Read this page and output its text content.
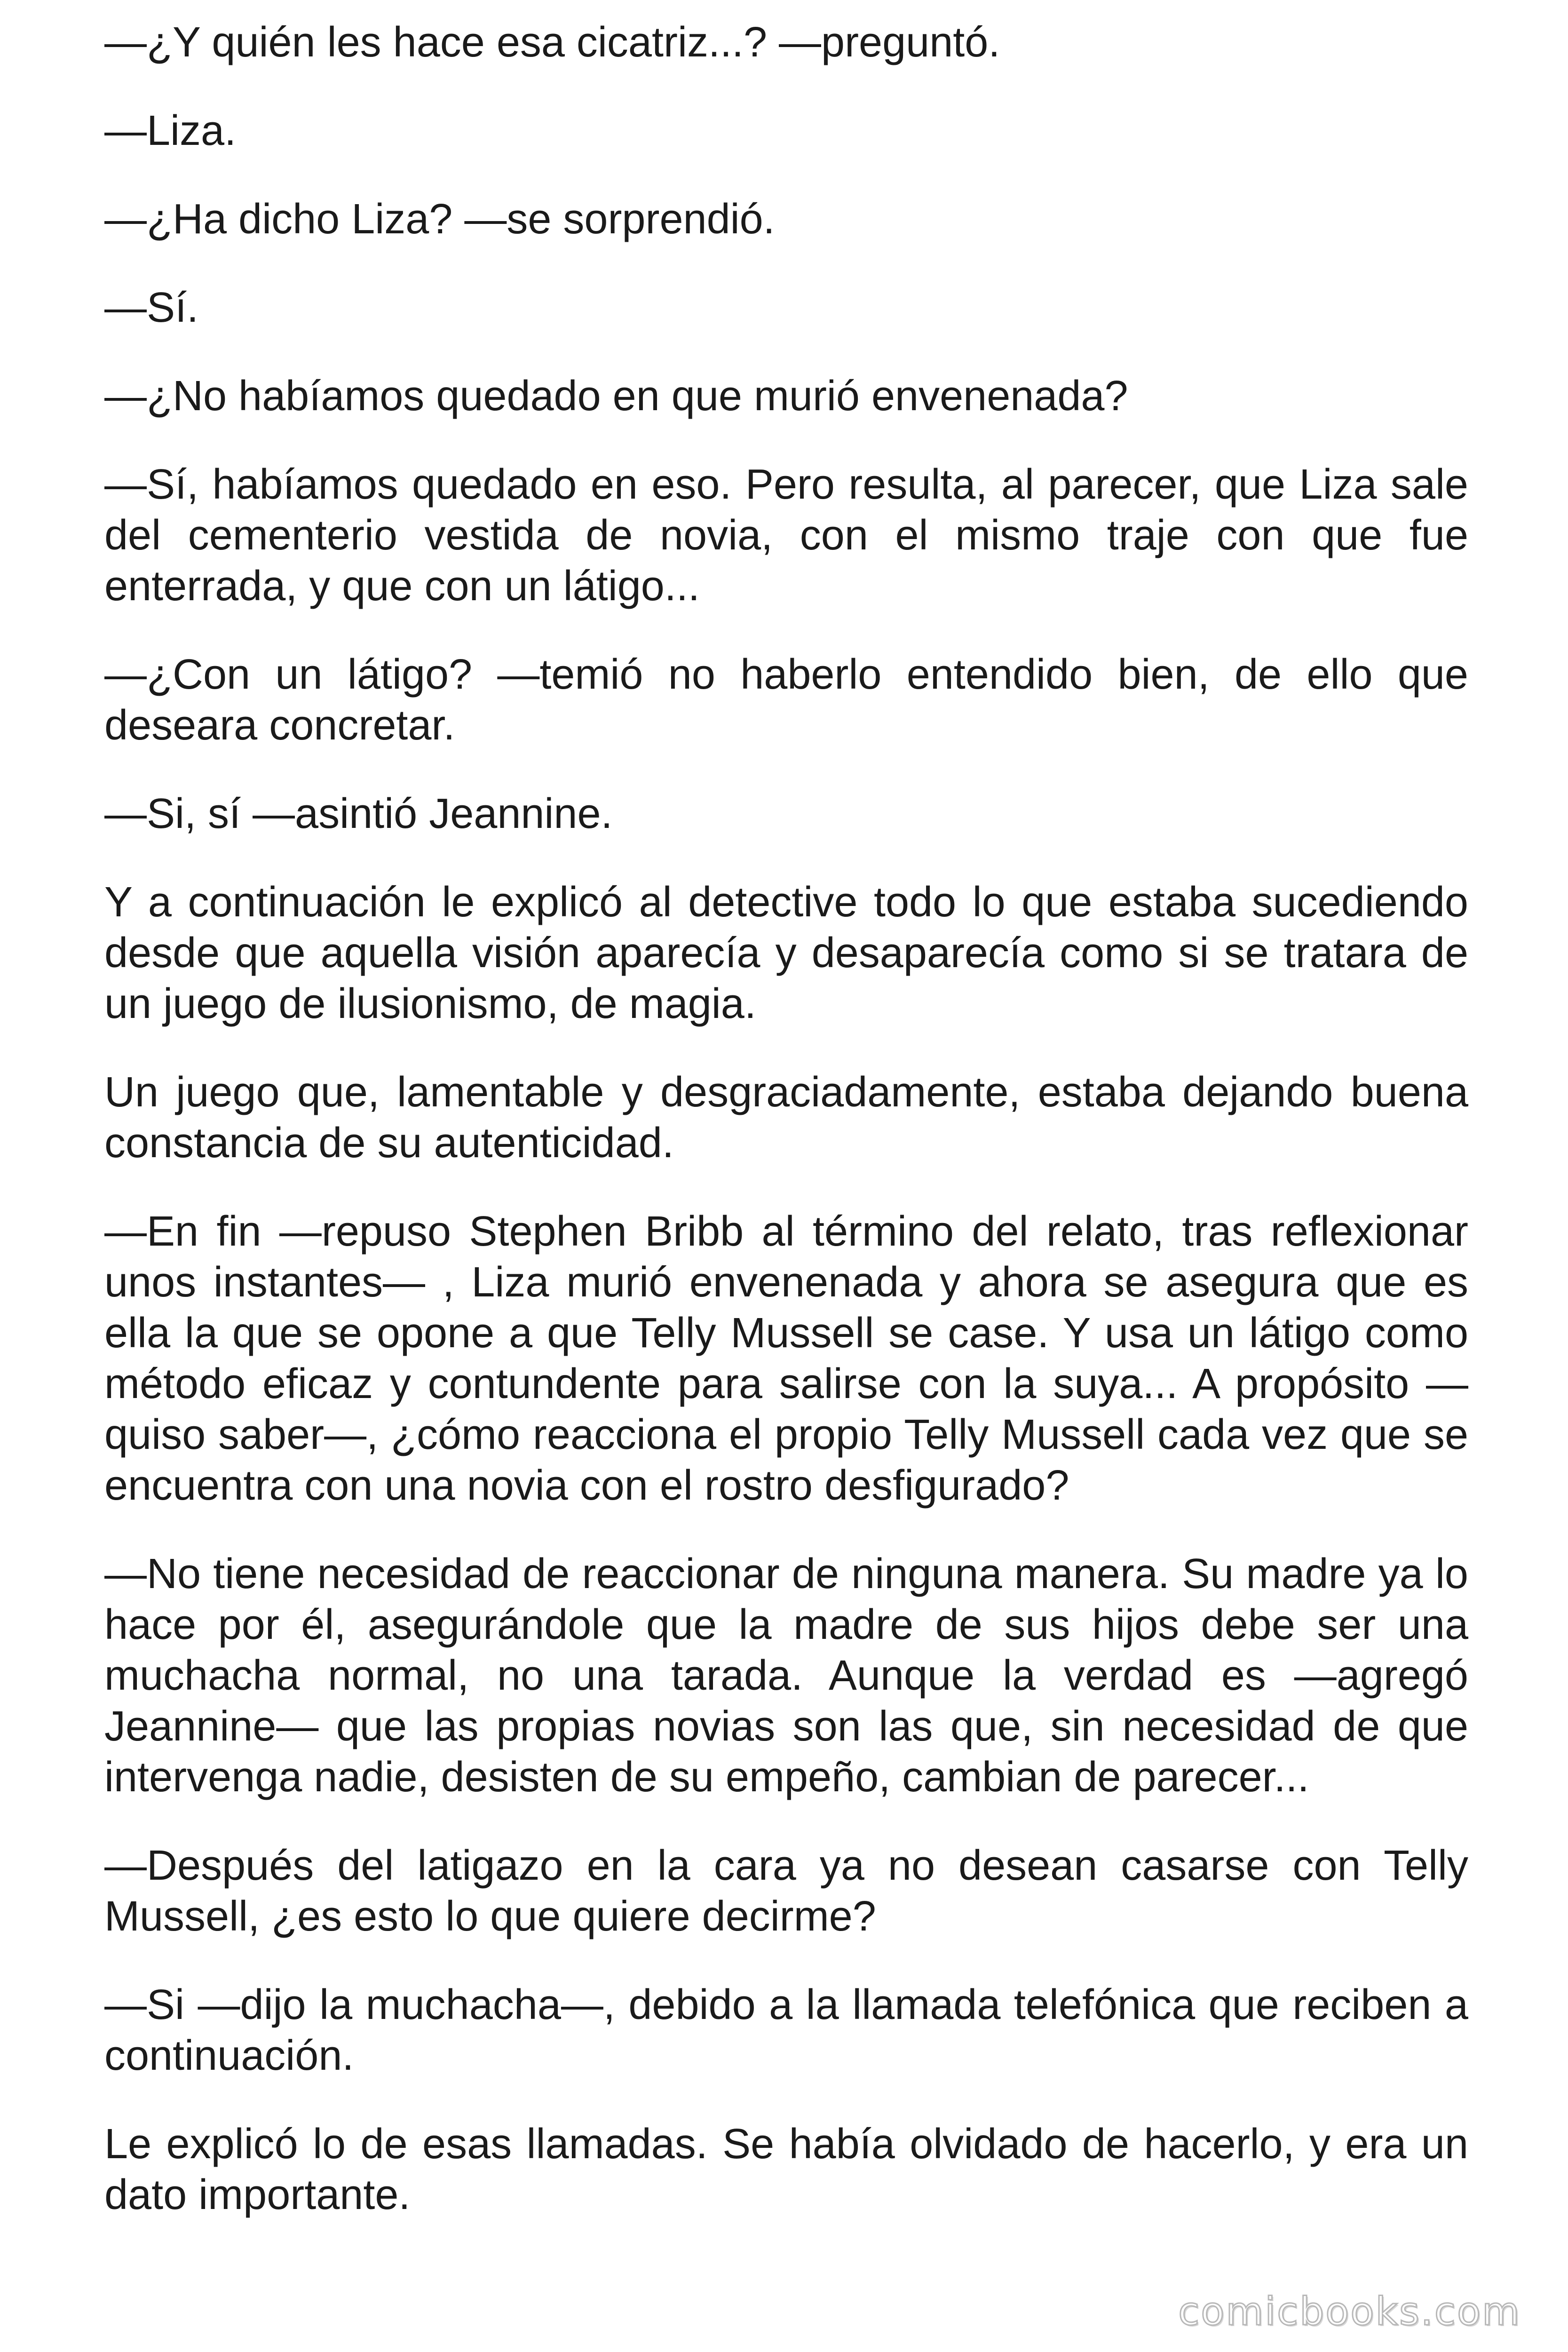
—¿Y quién les hace esa cicatriz...? —preguntó.

—Liza.

—¿Ha dicho Liza? —se sorprendió.

—Sí.

—¿No habíamos quedado en que murió envenenada?

—Sí, habíamos quedado en eso. Pero resulta, al parecer, que Liza sale del cementerio vestida de novia, con el mismo traje con que fue enterrada, y que con un látigo...

—¿Con un látigo? —temió no haberlo entendido bien, de ello que deseara concretar.

—Si, sí —asintió Jeannine.

Y a continuación le explicó al detective todo lo que estaba sucediendo desde que aquella visión aparecía y desaparecía como si se tratara de un juego de ilusionismo, de magia.

Un juego que, lamentable y desgraciadamente, estaba dejando buena constancia de su autenticidad.

—En fin —repuso Stephen Bribb al término del relato, tras reflexionar unos instantes— , Liza murió envenenada y ahora se asegura que es ella la que se opone a que Telly Mussell se case. Y usa un látigo como método eficaz y contundente para salirse con la suya... A propósito —quiso saber—, ¿cómo reacciona el propio Telly Mussell cada vez que se encuentra con una novia con el rostro desfigurado?

—No tiene necesidad de reaccionar de ninguna manera. Su madre ya lo hace por él, asegurándole que la madre de sus hijos debe ser una muchacha normal, no una tarada. Aunque la verdad es —agregó Jeannine— que las propias novias son las que, sin necesidad de que intervenga nadie, desisten de su empeño, cambian de parecer...

—Después del latigazo en la cara ya no desean casarse con Telly Mussell, ¿es esto lo que quiere decirme?

—Si —dijo la muchacha—, debido a la llamada telefónica que reciben a continuación.

Le explicó lo de esas llamadas. Se había olvidado de hacerlo, y era un dato importante.

comicbooks.com
